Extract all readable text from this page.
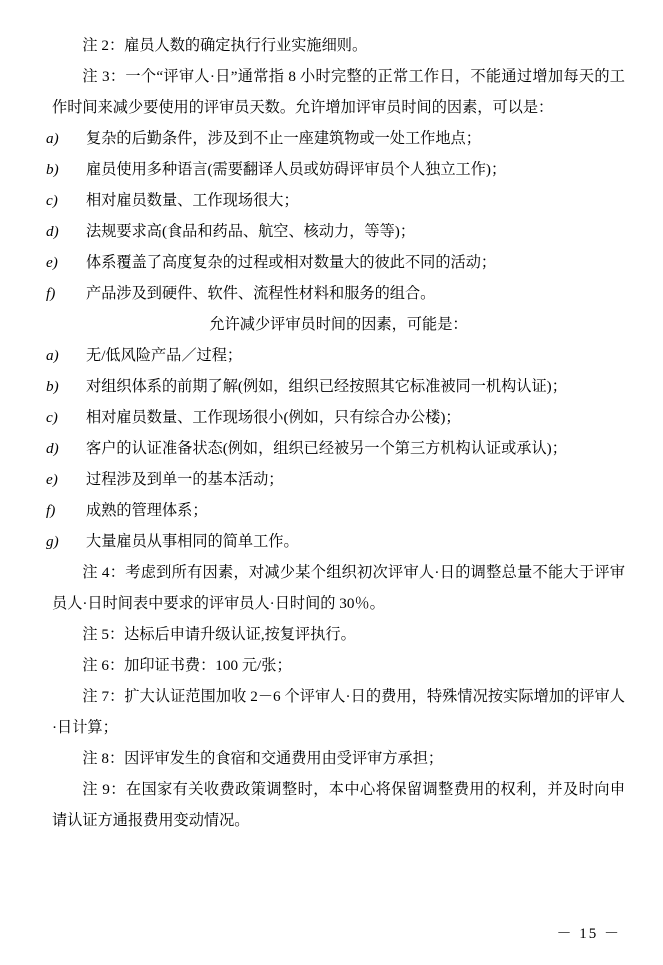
注 2：雇员人数的确定执行行业实施细则。

注 3：一个“评审人·日”通常指 8 小时完整的正常工作日，不能通过增加每天的工作时间来减少要使用的评审员天数。允许增加评审员时间的因素，可以是：

a) 复杂的后勤条件，涉及到不止一座建筑物或一处工作地点；

b) 雇员使用多种语言(需要翻译人员或妨碍评审员个人独立工作)；

c) 相对雇员数量、工作现场很大；

d) 法规要求高(食品和药品、航空、核动力，等等)；

e) 体系覆盖了高度复杂的过程或相对数量大的彼此不同的活动；

f) 产品涉及到硬件、软件、流程性材料和服务的组合。

允许减少评审员时间的因素，可能是：

a) 无/低风险产品／过程；

b) 对组织体系的前期了解(例如，组织已经按照其它标准被同一机构认证)；

c) 相对雇员数量、工作现场很小(例如，只有综合办公楼)；

d) 客户的认证准备状态(例如，组织已经被另一个第三方机构认证或承认)；

e) 过程涉及到单一的基本活动；

f) 成熟的管理体系；

g) 大量雇员从事相同的简单工作。

注 4：考虑到所有因素，对减少某个组织初次评审人·日的调整总量不能大于评审员人·日时间表中要求的评审员人·日时间的 30％。

注 5：达标后申请升级认证,按复评执行。

注 6：加印证书费：100 元/张；

注 7：扩大认证范围加收 2－6 个评审人·日的费用，特殊情况按实际增加的评审人·日计算；

注 8：因评审发生的食宿和交通费用由受评审方承担；

注 9：在国家有关收费政策调整时，本中心将保留调整费用的权利，并及时向申请认证方通报费用变动情况。

－ 15 －
